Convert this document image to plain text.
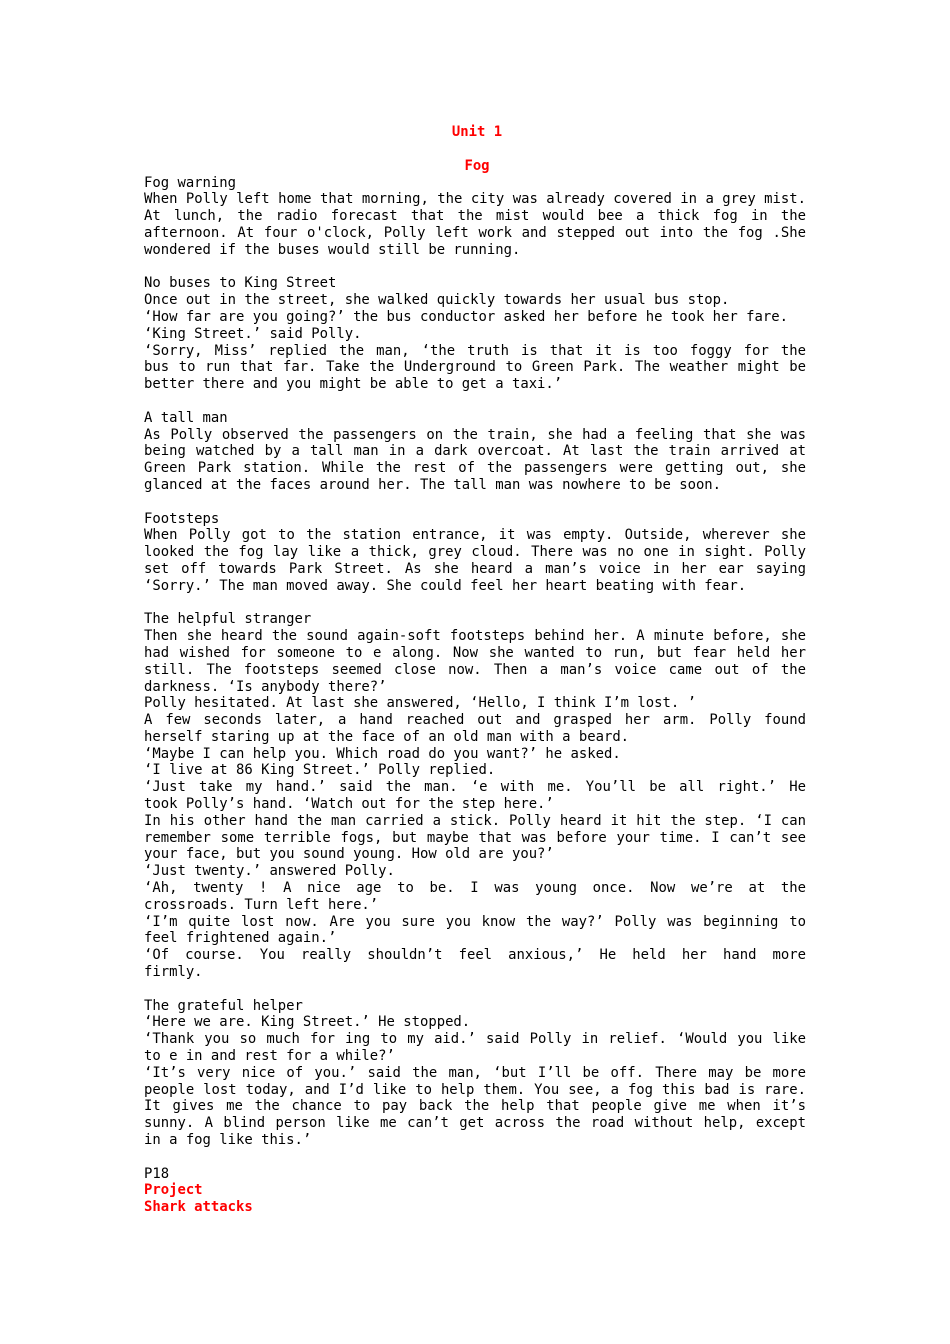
Unit 1
Fog
Fog warning
When Polly left home that morning, the city was already covered in a grey mist.
At lunch, the radio forecast that the mist would bee a thick fog in the
afternoon. At four o'clock, Polly left work and stepped out into the fog .She
wondered if the buses would still be running.
No buses to King Street
Once out in the street, she walked quickly towards her usual bus stop.
‘How far are you going?’ the bus conductor asked her before he took her fare.
‘King Street.’ said Polly.
‘Sorry, Miss’ replied the man, ‘the truth is that it is too foggy for the
bus to run that far. Take the Underground to Green Park. The weather might be
better there and you might be able to get a taxi.’
A tall man
As Polly observed the passengers on the train, she had a feeling that she was
being watched by a tall man in a dark overcoat. At last the train arrived at
Green Park station. While the rest of the passengers were getting out, she
glanced at the faces around her. The tall man was nowhere to be soon.
Footsteps
When Polly got to the station entrance, it was empty. Outside, wherever she
looked the fog lay like a thick, grey cloud. There was no one in sight. Polly
set off towards Park Street. As she heard a man’s voice in her ear saying
‘Sorry.’ The man moved away. She could feel her heart beating with fear.
The helpful stranger
Then she heard the sound again-soft footsteps behind her. A minute before, she
had wished for someone to e along. Now she wanted to run, but fear held her
still. The footsteps seemed close now. Then a man’s voice came out of the
darkness. ‘Is anybody there?’
Polly hesitated. At last she answered, ‘Hello, I think I’m lost. ’
A few seconds later, a hand reached out and grasped her arm. Polly found
herself staring up at the face of an old man with a beard.
‘Maybe I can help you. Which road do you want?’ he asked.
‘I live at 86 King Street.’ Polly replied.
‘Just take my hand.’ said the man. ‘e with me. You’ll be all right.’ He
took Polly’s hand. ‘Watch out for the step here.’
In his other hand the man carried a stick. Polly heard it hit the step. ‘I can
remember some terrible fogs, but maybe that was before your time. I can’t see
your face, but you sound young. How old are you?’
‘Just twenty.’ answered Polly.
‘Ah, twenty ! A nice age to be. I was young once. Now we’re at the
crossroads. Turn left here.’
‘I’m quite lost now. Are you sure you know the way?’ Polly was beginning to
feel frightened again.’
‘Of course. You really shouldn’t feel anxious,’ He held her hand more
firmly.
The grateful helper
‘Here we are. King Street.’ He stopped.
‘Thank you so much for ing to my aid.’ said Polly in relief. ‘Would you like
to e in and rest for a while?’
‘It’s very nice of you.’ said the man, ‘but I’ll be off. There may be more
people lost today, and I’d like to help them. You see, a fog this bad is rare.
It gives me the chance to pay back the help that people give me when it’s
sunny. A blind person like me can’t get across the road without help, except
in a fog like this.’
P18
Project
Shark attacks
